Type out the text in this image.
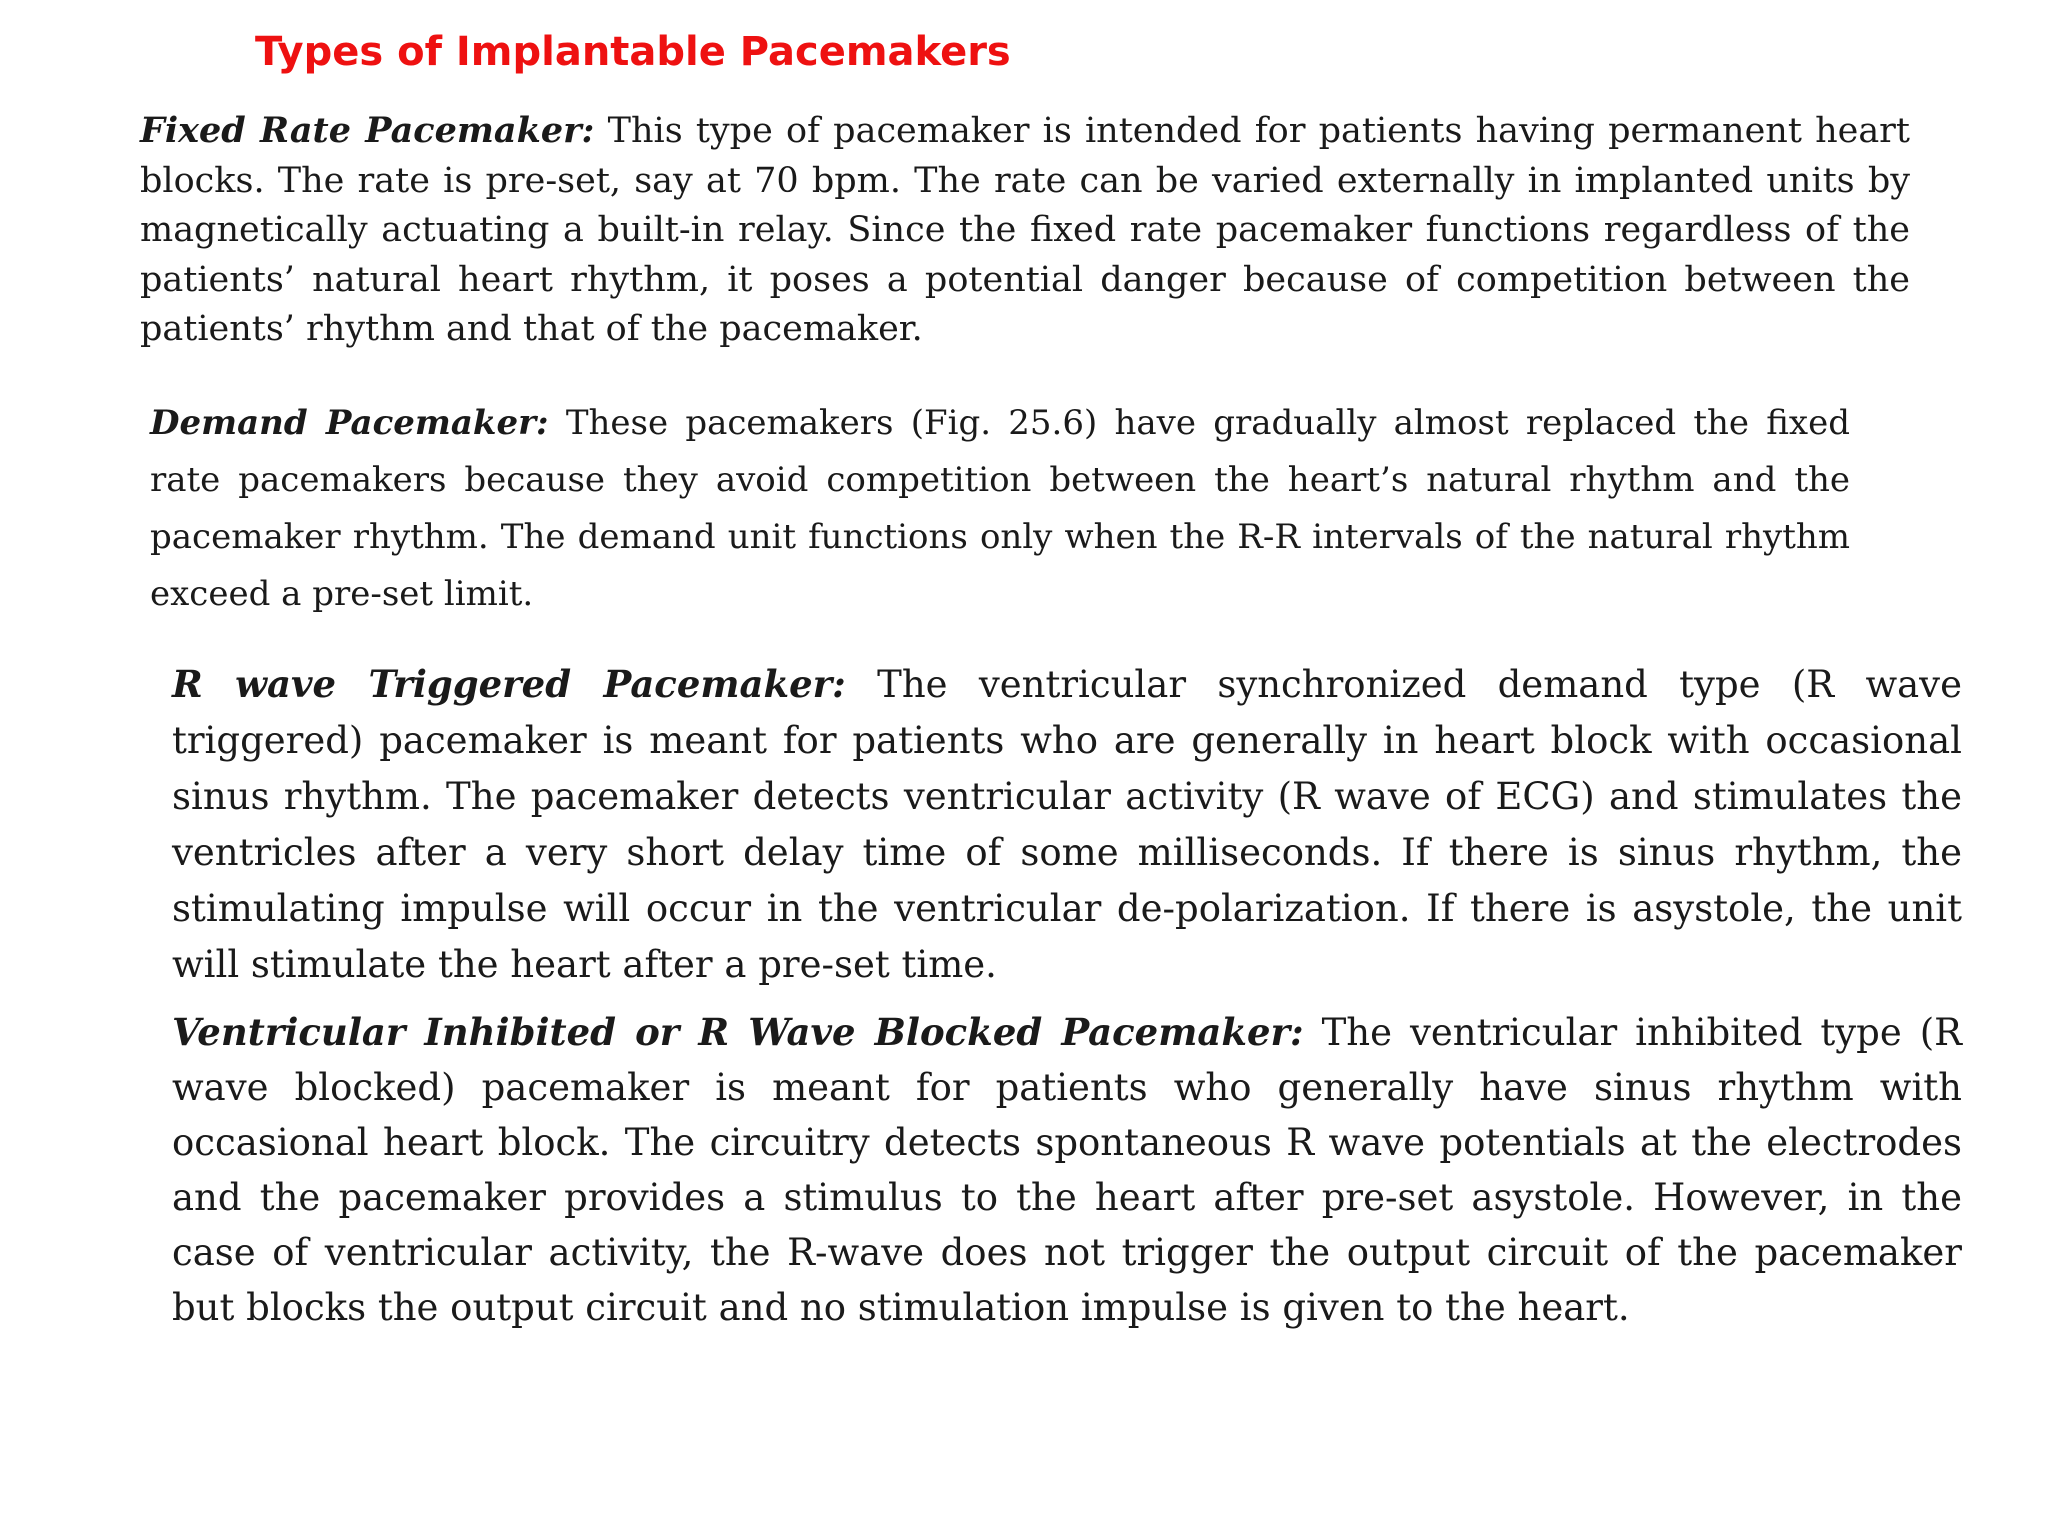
Types of Implantable Pacemakers

Fixed Rate Pacemaker: This type of pacemaker is intended for patients having permanent heart blocks. The rate is pre-set, say at 70 bpm. The rate can be varied externally in implanted units by magnetically actuating a built-in relay. Since the fixed rate pacemaker functions regardless of the patients’ natural heart rhythm, it poses a potential danger because of competition between the patients’ rhythm and that of the pacemaker.

Demand Pacemaker: These pacemakers (Fig. 25.6) have gradually almost replaced the fixed rate pacemakers because they avoid competition between the heart’s natural rhythm and the pacemaker rhythm. The demand unit functions only when the R-R intervals of the natural rhythm exceed a pre-set limit.

R wave Triggered Pacemaker: The ventricular synchronized demand type (R wave triggered) pacemaker is meant for patients who are generally in heart block with occasional sinus rhythm. The pacemaker detects ventricular activity (R wave of ECG) and stimulates the ventricles after a very short delay time of some milliseconds. If there is sinus rhythm, the stimulating impulse will occur in the ventricular de-polarization. If there is asystole, the unit will stimulate the heart after a pre-set time.

Ventricular Inhibited or R Wave Blocked Pacemaker: The ventricular inhibited type (R wave blocked) pacemaker is meant for patients who generally have sinus rhythm with occasional heart block. The circuitry detects spontaneous R wave potentials at the electrodes and the pacemaker provides a stimulus to the heart after pre-set asystole. However, in the case of ventricular activity, the R-wave does not trigger the output circuit of the pacemaker but blocks the output circuit and no stimulation impulse is given to the heart.
